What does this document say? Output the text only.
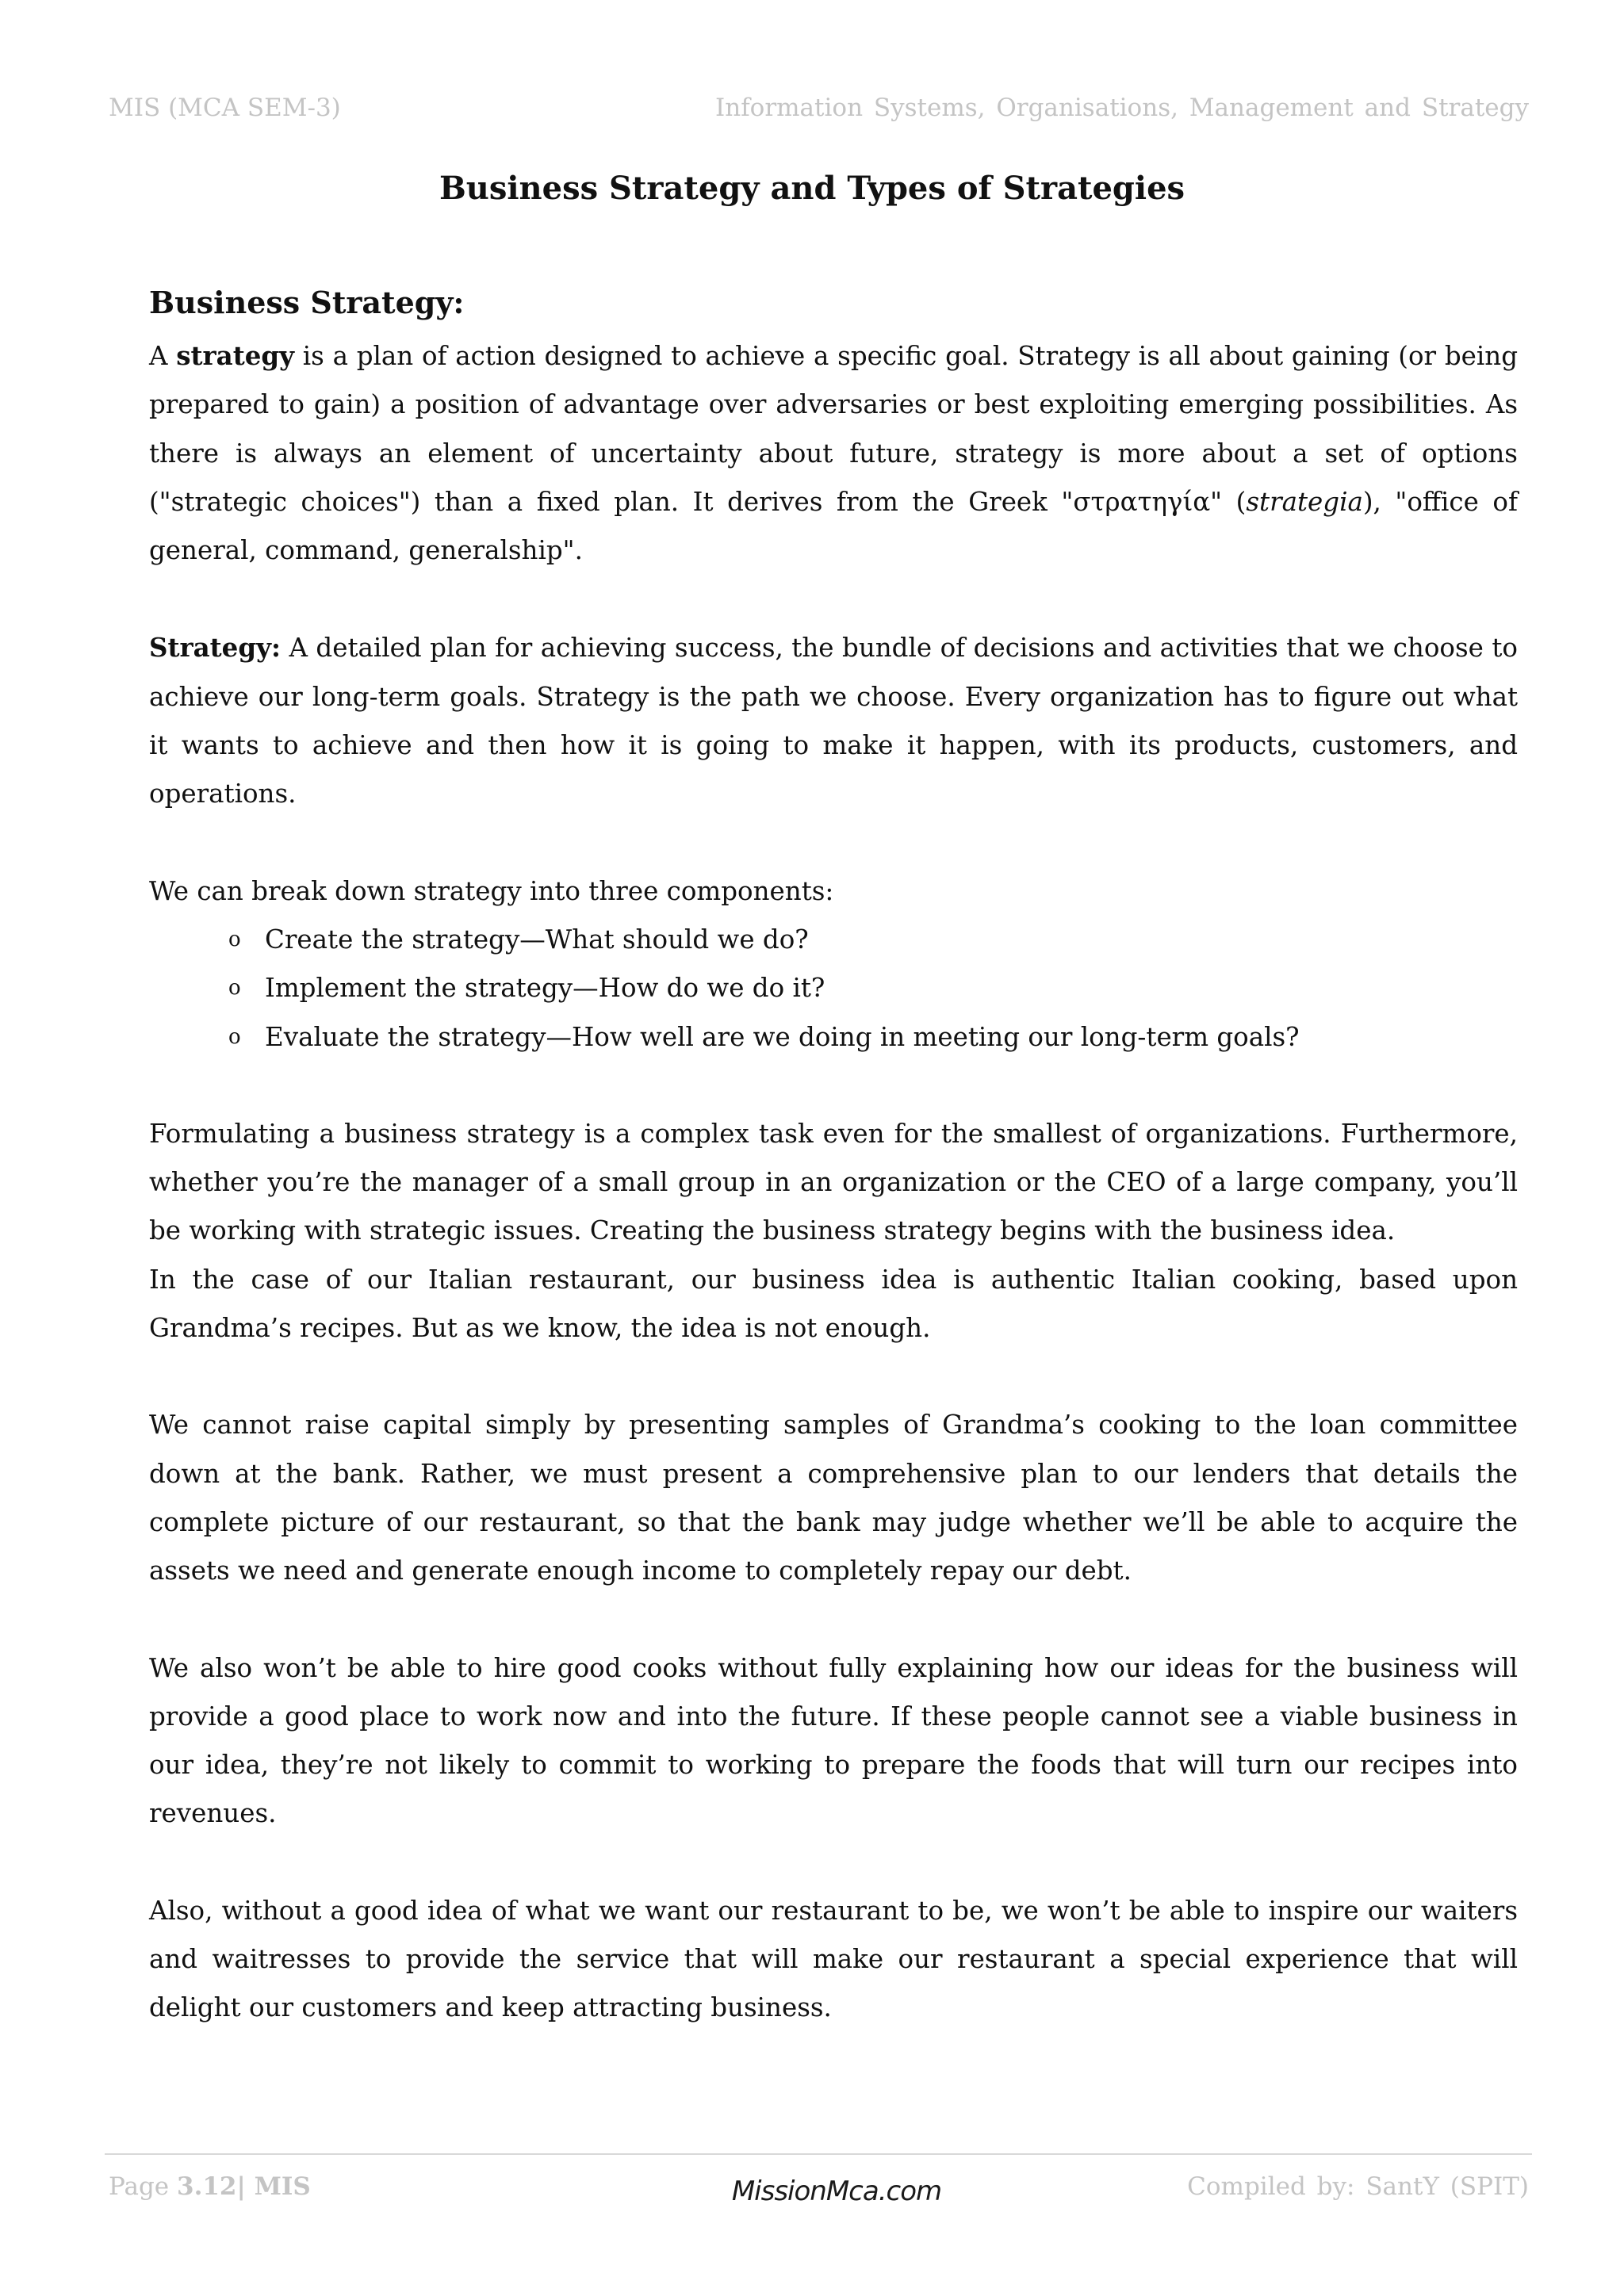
MIS (MCA SEM-3)	Information Systems, Organisations, Management and Strategy
Business Strategy and Types of Strategies
Business Strategy:

A strategy is a plan of action designed to achieve a specific goal. Strategy is all about gaining (or being prepared to gain) a position of advantage over adversaries or best exploiting emerging possibilities. As there is always an element of uncertainty about future, strategy is more about a set of options ("strategic choices") than a fixed plan. It derives from the Greek "στρατηγία" (strategia), "office of general, command, generalship".

Strategy: A detailed plan for achieving success, the bundle of decisions and activities that we choose to achieve our long-term goals. Strategy is the path we choose. Every organization has to figure out what it wants to achieve and then how it is going to make it happen, with its products, customers, and operations.

We can break down strategy into three components:

o Create the strategy—What should we do?
o Implement the strategy—How do we do it?
o Evaluate the strategy—How well are we doing in meeting our long-term goals?

Formulating a business strategy is a complex task even for the smallest of organizations. Furthermore, whether you’re the manager of a small group in an organization or the CEO of a large company, you’ll be working with strategic issues. Creating the business strategy begins with the business idea.

In the case of our Italian restaurant, our business idea is authentic Italian cooking, based upon Grandma’s recipes. But as we know, the idea is not enough.

We cannot raise capital simply by presenting samples of Grandma’s cooking to the loan committee down at the bank. Rather, we must present a comprehensive plan to our lenders that details the complete picture of our restaurant, so that the bank may judge whether we’ll be able to acquire the assets we need and generate enough income to completely repay our debt.

We also won’t be able to hire good cooks without fully explaining how our ideas for the business will provide a good place to work now and into the future. If these people cannot see a viable business in our idea, they’re not likely to commit to working to prepare the foods that will turn our recipes into revenues.

Also, without a good idea of what we want our restaurant to be, we won’t be able to inspire our waiters and waitresses to provide the service that will make our restaurant a special experience that will delight our customers and keep attracting business.

Page 3.12| MIS	MissionMca.com	Compiled by: SantY (SPIT)
